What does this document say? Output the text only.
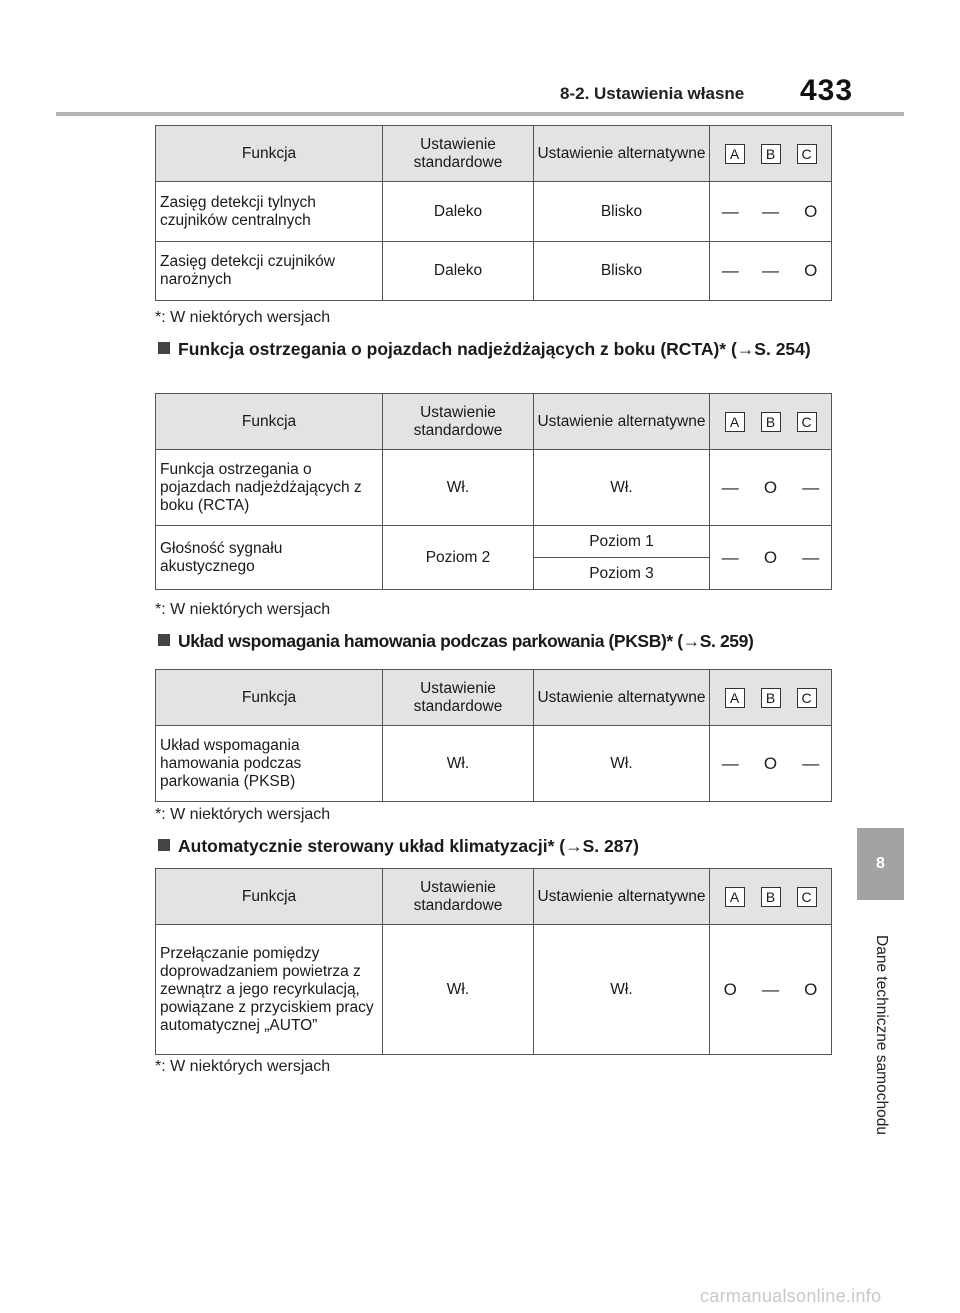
8-2. Ustawienia własne 433
8
Dane techniczne samochodu
Funkcja	Ustawienie standardowe	Ustawienie alternatywne	A B C		
Zasięg detekcji tylnych czujników centralnych	Daleko	Blisko	—	—	O
Zasięg detekcji czujników narożnych	Daleko	Blisko	—	—	O
*: W niektórych wersjach
Funkcja ostrzegania o pojazdach nadjeżdżających z boku (RCTA)* (→S. 254)
Funkcja	Ustawienie standardowe	Ustawienie alternatywne	A B C		
Funkcja ostrzegania o pojazdach nadjeżdżających z boku (RCTA)	Wł.	Wł.	—	O	—
Głośność sygnału akustycznego	Poziom 2	Poziom 1	—	O	—
		Poziom 3			
*: W niektórych wersjach
Układ wspomagania hamowania podczas parkowania (PKSB)* (→S. 259)
Funkcja	Ustawienie standardowe	Ustawienie alternatywne	A B C		
Układ wspomagania hamowania podczas parkowania (PKSB)	Wł.	Wł.	—	O	—
*: W niektórych wersjach
Automatycznie sterowany układ klimatyzacji* (→S. 287)
Funkcja	Ustawienie standardowe	Ustawienie alternatywne	A B C		
Przełączanie pomiędzy doprowadzaniem powietrza z zewnątrz a jego recyrkulacją, powiązane z przyciskiem pracy automatycznej „AUTO”	Wł.	Wł.	O	—	O
*: W niektórych wersjach
carmanualsonline.info
